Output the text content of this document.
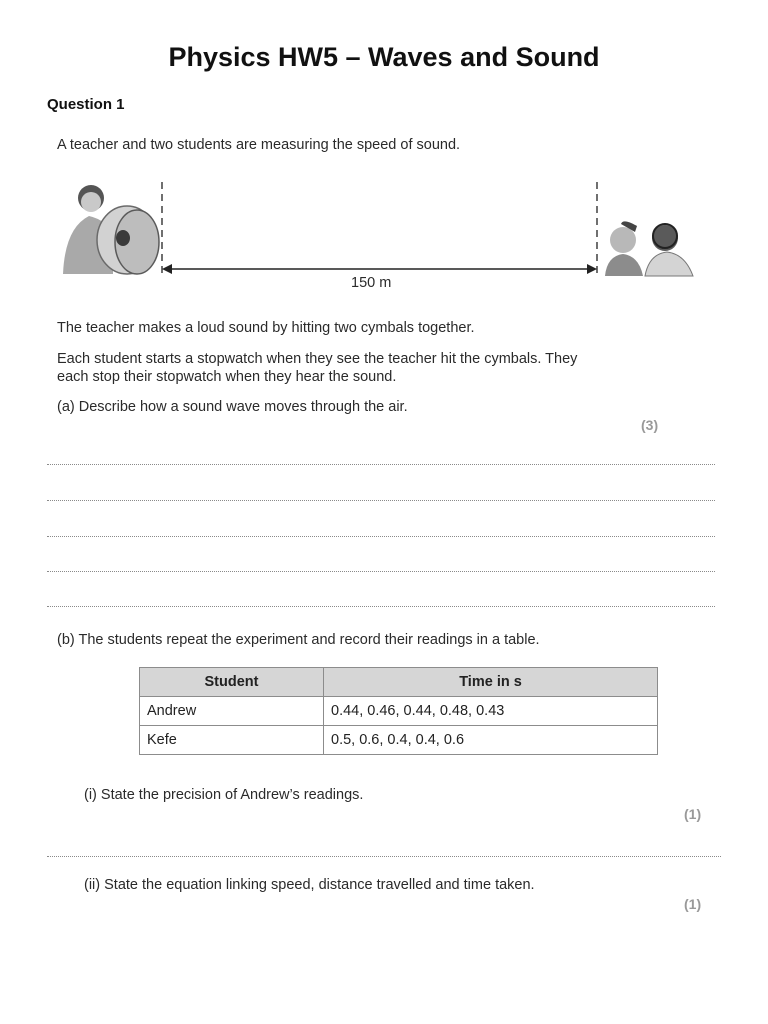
Physics HW5 – Waves and Sound
Question 1
A teacher and two students are measuring the speed of sound.
150 m
The teacher makes a loud sound by hitting two cymbals together.
Each student starts a stopwatch when they see the teacher hit the cymbals. They
each stop their stopwatch when they hear the sound.
(a) Describe how a sound wave moves through the air.
(3)
(b) The students repeat the experiment and record their readings in a table.
Student	Time in s
Andrew	0.44, 0.46, 0.44, 0.48, 0.43
Kefe	0.5, 0.6, 0.4, 0.4, 0.6
(i) State the precision of Andrew’s readings.
(1)
(ii) State the equation linking speed, distance travelled and time taken.
(1)
